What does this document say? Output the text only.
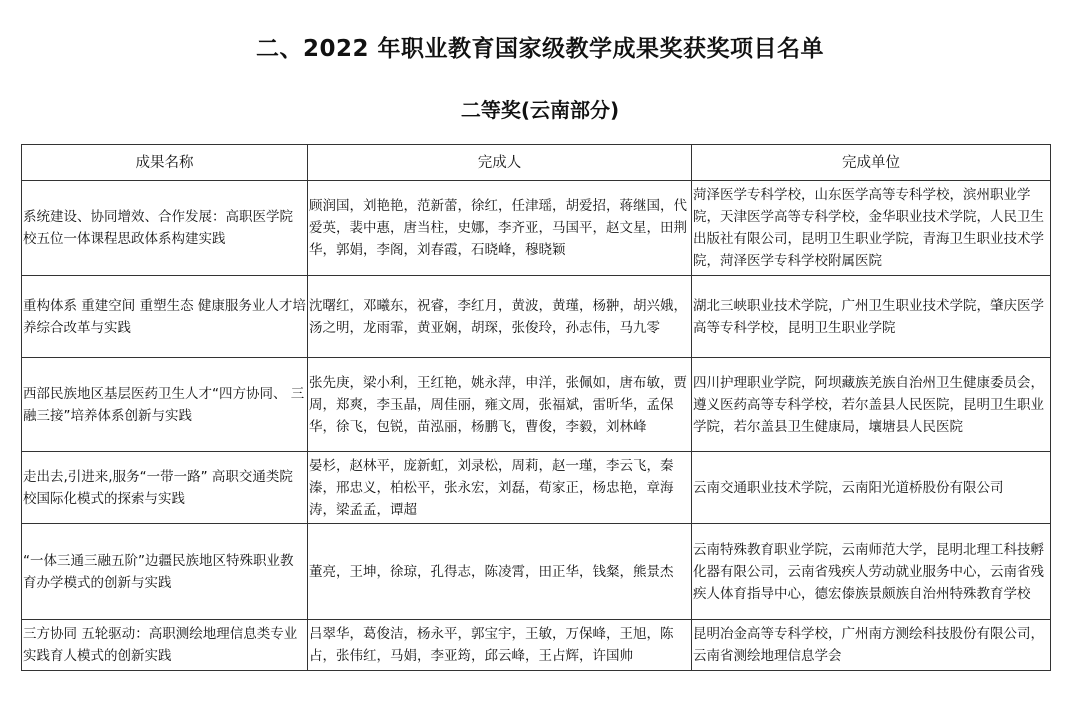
二、2022 年职业教育国家级教学成果奖获奖项目名单
二等奖(云南部分)
成果名称	完成人	完成单位
系统建设、协同增效、合作发展：高职医学院校五位一体课程思政体系构建实践	顾润国，刘艳艳，范新蕾，徐红，任津瑶，胡爱招，蒋继国，代爱英，裴中惠，唐当柱，史娜，李齐亚，马国平，赵文星，田荆华，郭娟，李阁，刘春霞，石晓峰，穆晓颖	菏泽医学专科学校，山东医学高等专科学校，滨州职业学院，天津医学高等专科学校，金华职业技术学院，人民卫生出版社有限公司，昆明卫生职业学院，青海卫生职业技术学院，菏泽医学专科学校附属医院
重构体系 重建空间 重塑生态 健康服务业人才培养综合改革与实践	沈曙红，邓曦东，祝睿，李红月，黄波，黄瑾，杨翀，胡兴娥，汤之明，龙雨霏，黄亚娴，胡琛，张俊玲，孙志伟，马九零	湖北三峡职业技术学院，广州卫生职业技术学院，肇庆医学高等专科学校，昆明卫生职业学院
西部民族地区基层医药卫生人才“四方协同、 三融三接”培养体系创新与实践	张先庚，梁小利，王红艳，姚永萍，申洋，张佩如，唐布敏，贾周，郑爽，李玉晶，周佳丽，雍文周，张福斌，雷昕华，孟保华，徐飞，包锐，苗泓丽，杨鹏飞，曹俊，李毅，刘林峰	四川护理职业学院，阿坝藏族羌族自治州卫生健康委员会，遵义医药高等专科学校，若尔盖县人民医院，昆明卫生职业学院，若尔盖县卫生健康局，壤塘县人民医院
走出去,引进来,服务“一带一路” 高职交通类院校国际化模式的探索与实践	晏杉，赵林平，庞新虹，刘录松，周莉，赵一瑾，李云飞，秦溱，邢忠义，柏松平，张永宏，刘磊，荀家正，杨忠艳，章海涛，梁孟孟，谭超	云南交通职业技术学院，云南阳光道桥股份有限公司
“一体三通三融五阶”边疆民族地区特殊职业教育办学模式的创新与实践	董亮，王坤，徐琼，孔得志，陈凌霄，田正华，钱粲，熊景杰	云南特殊教育职业学院，云南师范大学，昆明北理工科技孵化器有限公司，云南省残疾人劳动就业服务中心，云南省残疾人体育指导中心，德宏傣族景颇族自治州特殊教育学校
三方协同 五轮驱动：高职测绘地理信息类专业实践育人模式的创新实践	吕翠华，葛俊洁，杨永平，郭宝宇，王敏，万保峰，王旭，陈占，张伟红，马娟，李亚筠，邱云峰，王占辉，许国帅	昆明冶金高等专科学校，广州南方测绘科技股份有限公司，云南省测绘地理信息学会
